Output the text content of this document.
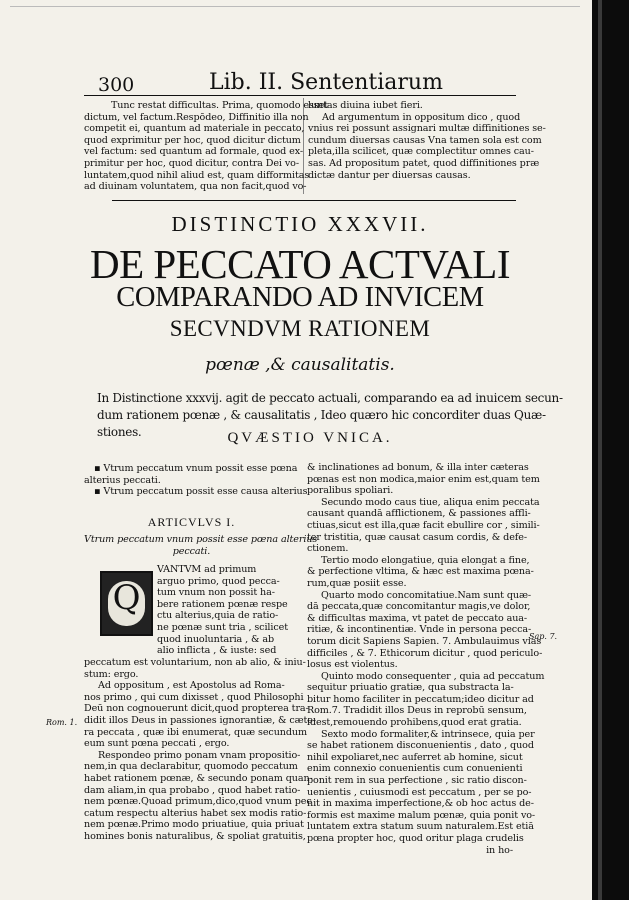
300	Lib. II. Sententiarum
Tunc restat difficultas. Prima, quomodo esset
dictum, vel factum.Respōdeo, Diffinitio illa non
competit ei, quantum ad materiale in peccato,
quod exprimitur per hoc, quod dicitur dictum
vel factum: sed quantum ad formale, quod ex-
primitur per hoc, quod dicitur, contra Dei vo-
luntatem,quod nihil aliud est, quam difformitas
ad diuinam voluntatem, qua non facit,quod vo-
luntas diuina iubet fieri.
Ad argumentum in oppositum dico , quod
vnius rei possunt assignari multæ diffinitiones se-
cundum diuersas causas Vna tamen sola est com
pleta,illa scilicet, quæ complectitur omnes cau-
sas. Ad propositum patet, quod diffinitiones præ
dictæ dantur per diuersas causas.
DISTINCTIO XXXVII.
DE PECCATO ACTVALI
COMPARANDO AD INVICEM
SECVNDVM RATIONEM
pœnæ ,& causalitatis.
In Distinctione xxxvij. agit de peccato actuali, comparando ea ad inuicem secun-
dum rationem pœnæ , & causalitatis , Ideo quæro hic concorditer duas Quæ-
stiones.	QVÆSTIO VNICA.
▪ Vtrum peccatum vnum possit esse pœna
alterius peccati.
▪ Vtrum peccatum possit esse causa alterius
ARTICVLVS I.
Vtrum peccatum vnum possit esse pœna alterius
peccati.
Q
VANTVM ad primum
arguo primo, quod pecca-
tum vnum non possit ha-
bere rationem pœnæ respe
ctu alterius,quia de ratio-
ne pœnæ sunt tria , scilicet
quod inuoluntaria , & ab
alio inflicta , & iuste: sed
peccatum est voluntarium, non ab alio, & iniu-
stum: ergo.
Ad oppositum , est Apostolus ad Roma-
nos primo , qui cum dixisset , quod Philosophi
Deū non cognouerunt dicit,quod propterea tra-
didit illos Deus in passiones ignorantiæ, & cæte-
ra peccata , quæ ibi enumerat, quæ secundum
eum sunt pœna peccati , ergo.
Respondeo primo ponam vnam propositio-
nem,in qua declarabitur, quomodo peccatum
habet rationem pœnæ, & secundo ponam quan-
dam aliam,in qua probabo , quod habet ratio-
nem pœnæ.Quoad primum,dico,quod vnum pec
catum respectu alterius habet sex modis ratio-
nem pœnæ.Primo modo priuatiue, quia priuat
homines bonis naturalibus, & spoliat gratuitis,
& inclinationes ad bonum, & illa inter cæteras
pœnas est non modica,maior enim est,quam tem
poralibus spoliari.
Secundo modo caus tiue, aliqua enim peccata
causant quandā afflictionem, & passiones affli-
ctiuas,sicut est illa,quæ facit ebullire cor , simili-
ter tristitia, quæ causat casum cordis, & defe-
ctionem.
Tertio modo elongatiue, quia elongat a fine,
& perfectione vltima, & hæc est maxima pœna-
rum,quæ posiit esse.
Quarto modo concomitatiue.Nam sunt quæ-
dā peccata,quæ concomitantur magis,ve dolor,
& difficultas maxima, vt patet de peccato aua-
ritiæ, & incontinentiæ. Vnde in persona pecca-
torum dicit Sapiens Sapien. 7. Ambulauimus vias
difficiles , & 7. Ethicorum dicitur , quod periculo-
losus est violentus.
Quinto modo consequenter , quia ad peccatum
sequitur priuatio gratiæ, qua substracta la-
bitur homo faciliter in peccatum;ideo dicitur ad
Rom.7. Tradidit illos Deus in reprobū sensum,
idest,remouendo prohibens,quod erat gratia.
Sexto modo formaliter,& intrinsece, quia per
se habet rationem disconuenientis , dato , quod
nihil expoliaret,nec auferret ab homine, sicut
enim connexio conuenientis cum conuenienti
ponit rem in sua perfectione , sic ratio discon-
uenientis , cuiusmodi est peccatum , per se po-
nit in maxima imperfectione,& ob hoc actus de-
formis est maxime malum pœnæ, quia ponit vo-
luntatem extra statum suum naturalem.Est etiā
pœna propter hoc, quod oritur plaga crudelis
in ho-
Rom. 1.
Sap. 7.
